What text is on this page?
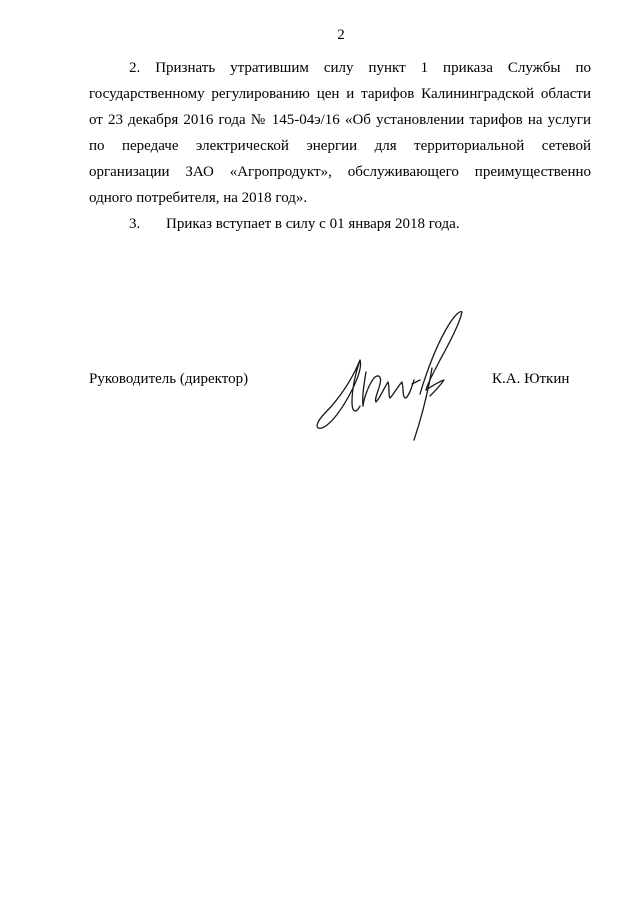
2
2. Признать утратившим силу пункт 1 приказа Службы по
государственному регулированию цен и тарифов Калининградской области
от 23 декабря 2016 года № 145-04э/16 «Об установлении тарифов на услуги
по передаче электрической энергии для территориальной сетевой
организации ЗАО «Агропродукт», обслуживающего преимущественно
одного потребителя, на 2018 год».
3. Приказ вступает в силу с 01 января 2018 года.
Руководитель (директор)	К.А. Юткин
